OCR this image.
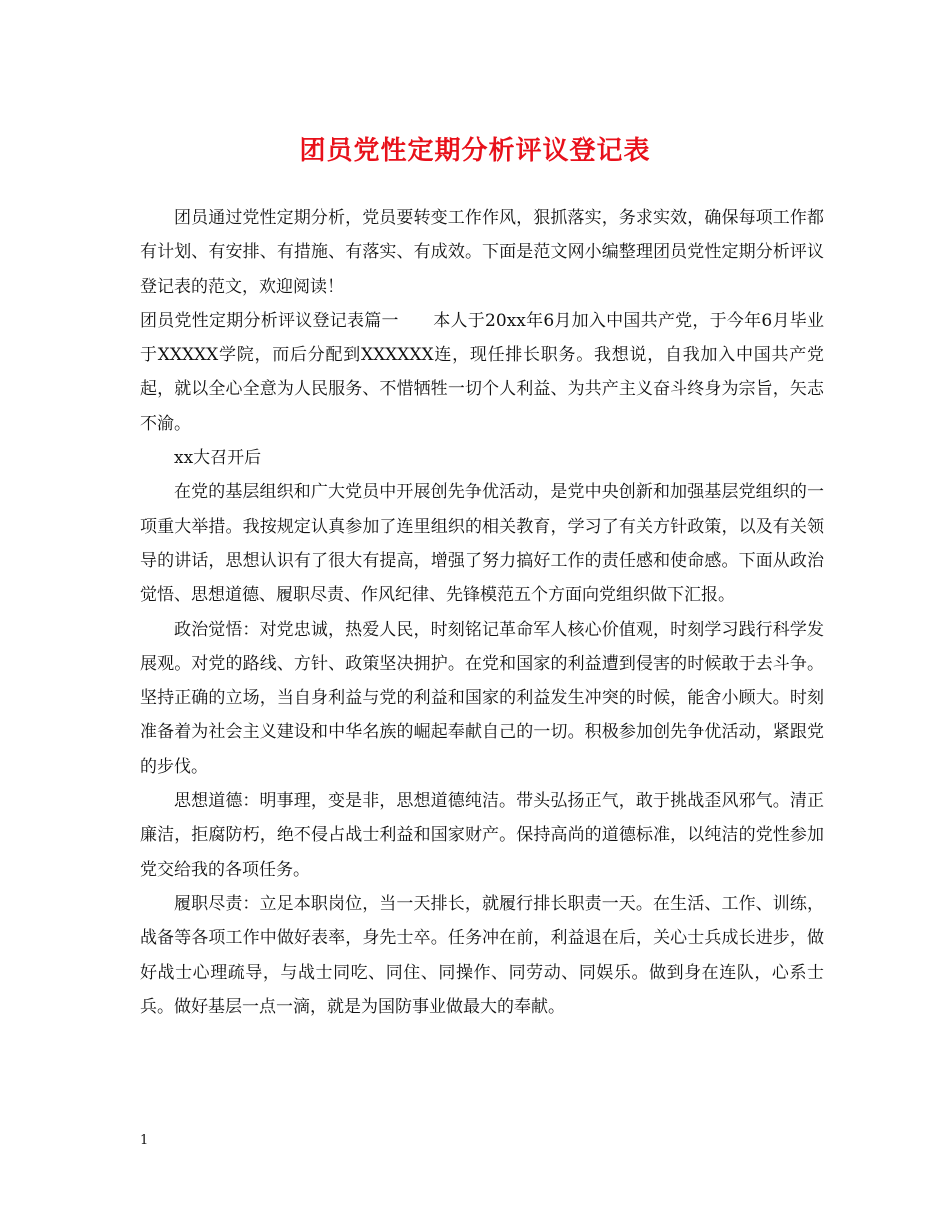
团员党性定期分析评议登记表

团员通过党性定期分析，党员要转变工作作风，狠抓落实，务求实效，确保每项工作都有计划、有安排、有措施、有落实、有成效。下面是范文网小编整理团员党性定期分析评议登记表的范文，欢迎阅读！

团员党性定期分析评议登记表篇一　　本人于20xx年6月加入中国共产党，于今年6月毕业于XXXXX学院，而后分配到XXXXXX连，现任排长职务。我想说，自我加入中国共产党起，就以全心全意为人民服务、不惜牺牲一切个人利益、为共产主义奋斗终身为宗旨，矢志不渝。

xx大召开后

在党的基层组织和广大党员中开展创先争优活动，是党中央创新和加强基层党组织的一项重大举措。我按规定认真参加了连里组织的相关教育，学习了有关方针政策，以及有关领导的讲话，思想认识有了很大有提高，增强了努力搞好工作的责任感和使命感。下面从政治觉悟、思想道德、履职尽责、作风纪律、先锋模范五个方面向党组织做下汇报。

政治觉悟：对党忠诚，热爱人民，时刻铭记革命军人核心价值观，时刻学习践行科学发展观。对党的路线、方针、政策坚决拥护。在党和国家的利益遭到侵害的时候敢于去斗争。坚持正确的立场，当自身利益与党的利益和国家的利益发生冲突的时候，能舍小顾大。时刻准备着为社会主义建设和中华名族的崛起奉献自己的一切。积极参加创先争优活动，紧跟党的步伐。

思想道德：明事理，变是非，思想道德纯洁。带头弘扬正气，敢于挑战歪风邪气。清正廉洁，拒腐防朽，绝不侵占战士利益和国家财产。保持高尚的道德标准，以纯洁的党性参加党交给我的各项任务。

履职尽责：立足本职岗位，当一天排长，就履行排长职责一天。在生活、工作、训练，战备等各项工作中做好表率，身先士卒。任务冲在前，利益退在后，关心士兵成长进步，做好战士心理疏导，与战士同吃、同住、同操作、同劳动、同娱乐。做到身在连队，心系士兵。做好基层一点一滴，就是为国防事业做最大的奉献。

1
